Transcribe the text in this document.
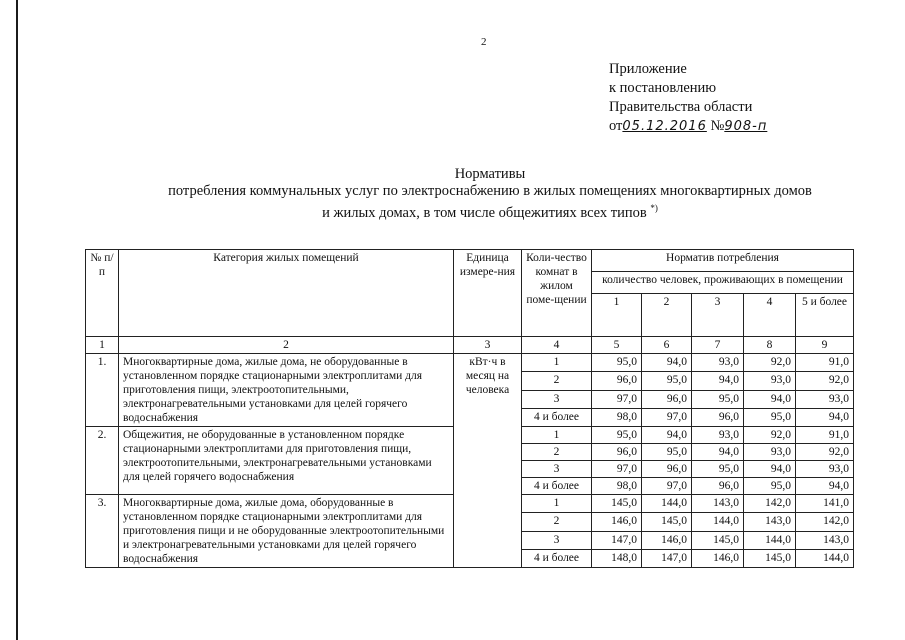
2
Приложение
к постановлению
Правительства области
от05.12.2016 №908-п
Нормативы
потребления коммунальных услуг по электроснабжению в жилых помещениях многоквартирных домов
и жилых домах, в том числе общежитиях всех типов *)
№ п/п	Категория жилых помещений	Единица измере-ния	Коли-чество комнат в жилом поме-щении	Норматив потребления				
				количество человек, проживающих в помещении				
				1	2	3	4	5 и более
1	2	3	4	5	6	7	8	9
1.	Многоквартирные дома, жилые дома, не оборудованные в установленном порядке стационарными электроплитами для приготовления пищи, электроотопительными, электронагревательными установками для целей горячего водоснабжения	кВт·ч в месяц на человека	1	95,0	94,0	93,0	92,0	91,0
			2	96,0	95,0	94,0	93,0	92,0
			3	97,0	96,0	95,0	94,0	93,0
			4 и более	98,0	97,0	96,0	95,0	94,0
2.	Общежития, не оборудованные в установленном порядке стационарными электроплитами для приготовления пищи, электроотопительными, электронагревательными установками для целей горячего водоснабжения		1	95,0	94,0	93,0	92,0	91,0
			2	96,0	95,0	94,0	93,0	92,0
			3	97,0	96,0	95,0	94,0	93,0
			4 и более	98,0	97,0	96,0	95,0	94,0
3.	Многоквартирные дома, жилые дома, оборудованные в установленном порядке стационарными электроплитами для приготовления пищи и не оборудованные электроотопительными и электронагревательными установками для целей горячего водоснабжения		1	145,0	144,0	143,0	142,0	141,0
			2	146,0	145,0	144,0	143,0	142,0
			3	147,0	146,0	145,0	144,0	143,0
			4 и более	148,0	147,0	146,0	145,0	144,0
